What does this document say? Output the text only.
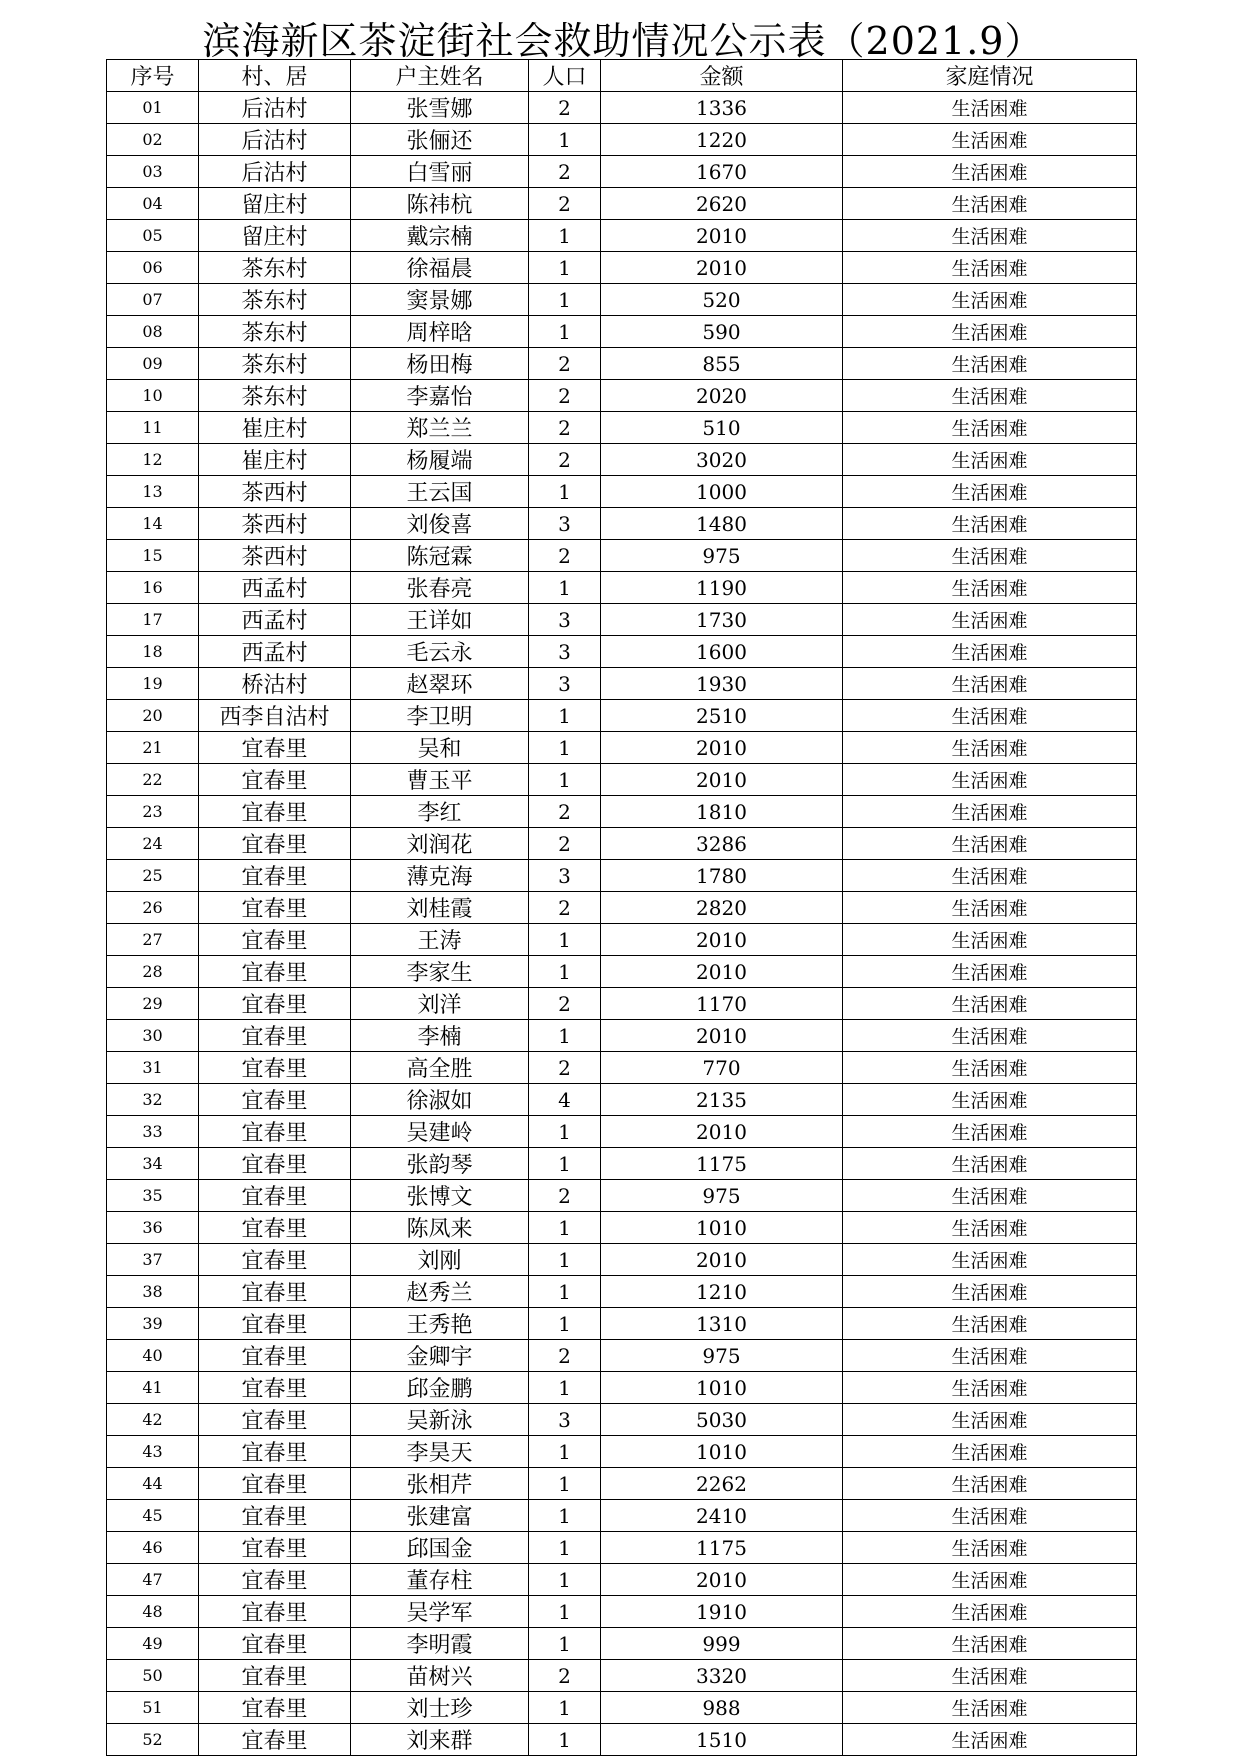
滨海新区茶淀街社会救助情况公示表（2021.9）
序号	村、居	户主姓名	人口	金额	家庭情况
01	后沽村	张雪娜	2	1336	生活困难
02	后沽村	张俪还	1	1220	生活困难
03	后沽村	白雪丽	2	1670	生活困难
04	留庄村	陈祎杭	2	2620	生活困难
05	留庄村	戴宗楠	1	2010	生活困难
06	茶东村	徐福晨	1	2010	生活困难
07	茶东村	窦景娜	1	520	生活困难
08	茶东村	周梓晗	1	590	生活困难
09	茶东村	杨田梅	2	855	生活困难
10	茶东村	李嘉怡	2	2020	生活困难
11	崔庄村	郑兰兰	2	510	生活困难
12	崔庄村	杨履端	2	3020	生活困难
13	茶西村	王云国	1	1000	生活困难
14	茶西村	刘俊喜	3	1480	生活困难
15	茶西村	陈冠霖	2	975	生活困难
16	西孟村	张春亮	1	1190	生活困难
17	西孟村	王详如	3	1730	生活困难
18	西孟村	毛云永	3	1600	生活困难
19	桥沽村	赵翠环	3	1930	生活困难
20	西李自沽村	李卫明	1	2510	生活困难
21	宜春里	吴和	1	2010	生活困难
22	宜春里	曹玉平	1	2010	生活困难
23	宜春里	李红	2	1810	生活困难
24	宜春里	刘润花	2	3286	生活困难
25	宜春里	薄克海	3	1780	生活困难
26	宜春里	刘桂霞	2	2820	生活困难
27	宜春里	王涛	1	2010	生活困难
28	宜春里	李家生	1	2010	生活困难
29	宜春里	刘洋	2	1170	生活困难
30	宜春里	李楠	1	2010	生活困难
31	宜春里	高全胜	2	770	生活困难
32	宜春里	徐淑如	4	2135	生活困难
33	宜春里	吴建岭	1	2010	生活困难
34	宜春里	张韵琴	1	1175	生活困难
35	宜春里	张博文	2	975	生活困难
36	宜春里	陈凤来	1	1010	生活困难
37	宜春里	刘刚	1	2010	生活困难
38	宜春里	赵秀兰	1	1210	生活困难
39	宜春里	王秀艳	1	1310	生活困难
40	宜春里	金卿宇	2	975	生活困难
41	宜春里	邱金鹏	1	1010	生活困难
42	宜春里	吴新泳	3	5030	生活困难
43	宜春里	李昊天	1	1010	生活困难
44	宜春里	张相芹	1	2262	生活困难
45	宜春里	张建富	1	2410	生活困难
46	宜春里	邱国金	1	1175	生活困难
47	宜春里	董存柱	1	2010	生活困难
48	宜春里	吴学军	1	1910	生活困难
49	宜春里	李明霞	1	999	生活困难
50	宜春里	苗树兴	2	3320	生活困难
51	宜春里	刘士珍	1	988	生活困难
52	宜春里	刘来群	1	1510	生活困难
